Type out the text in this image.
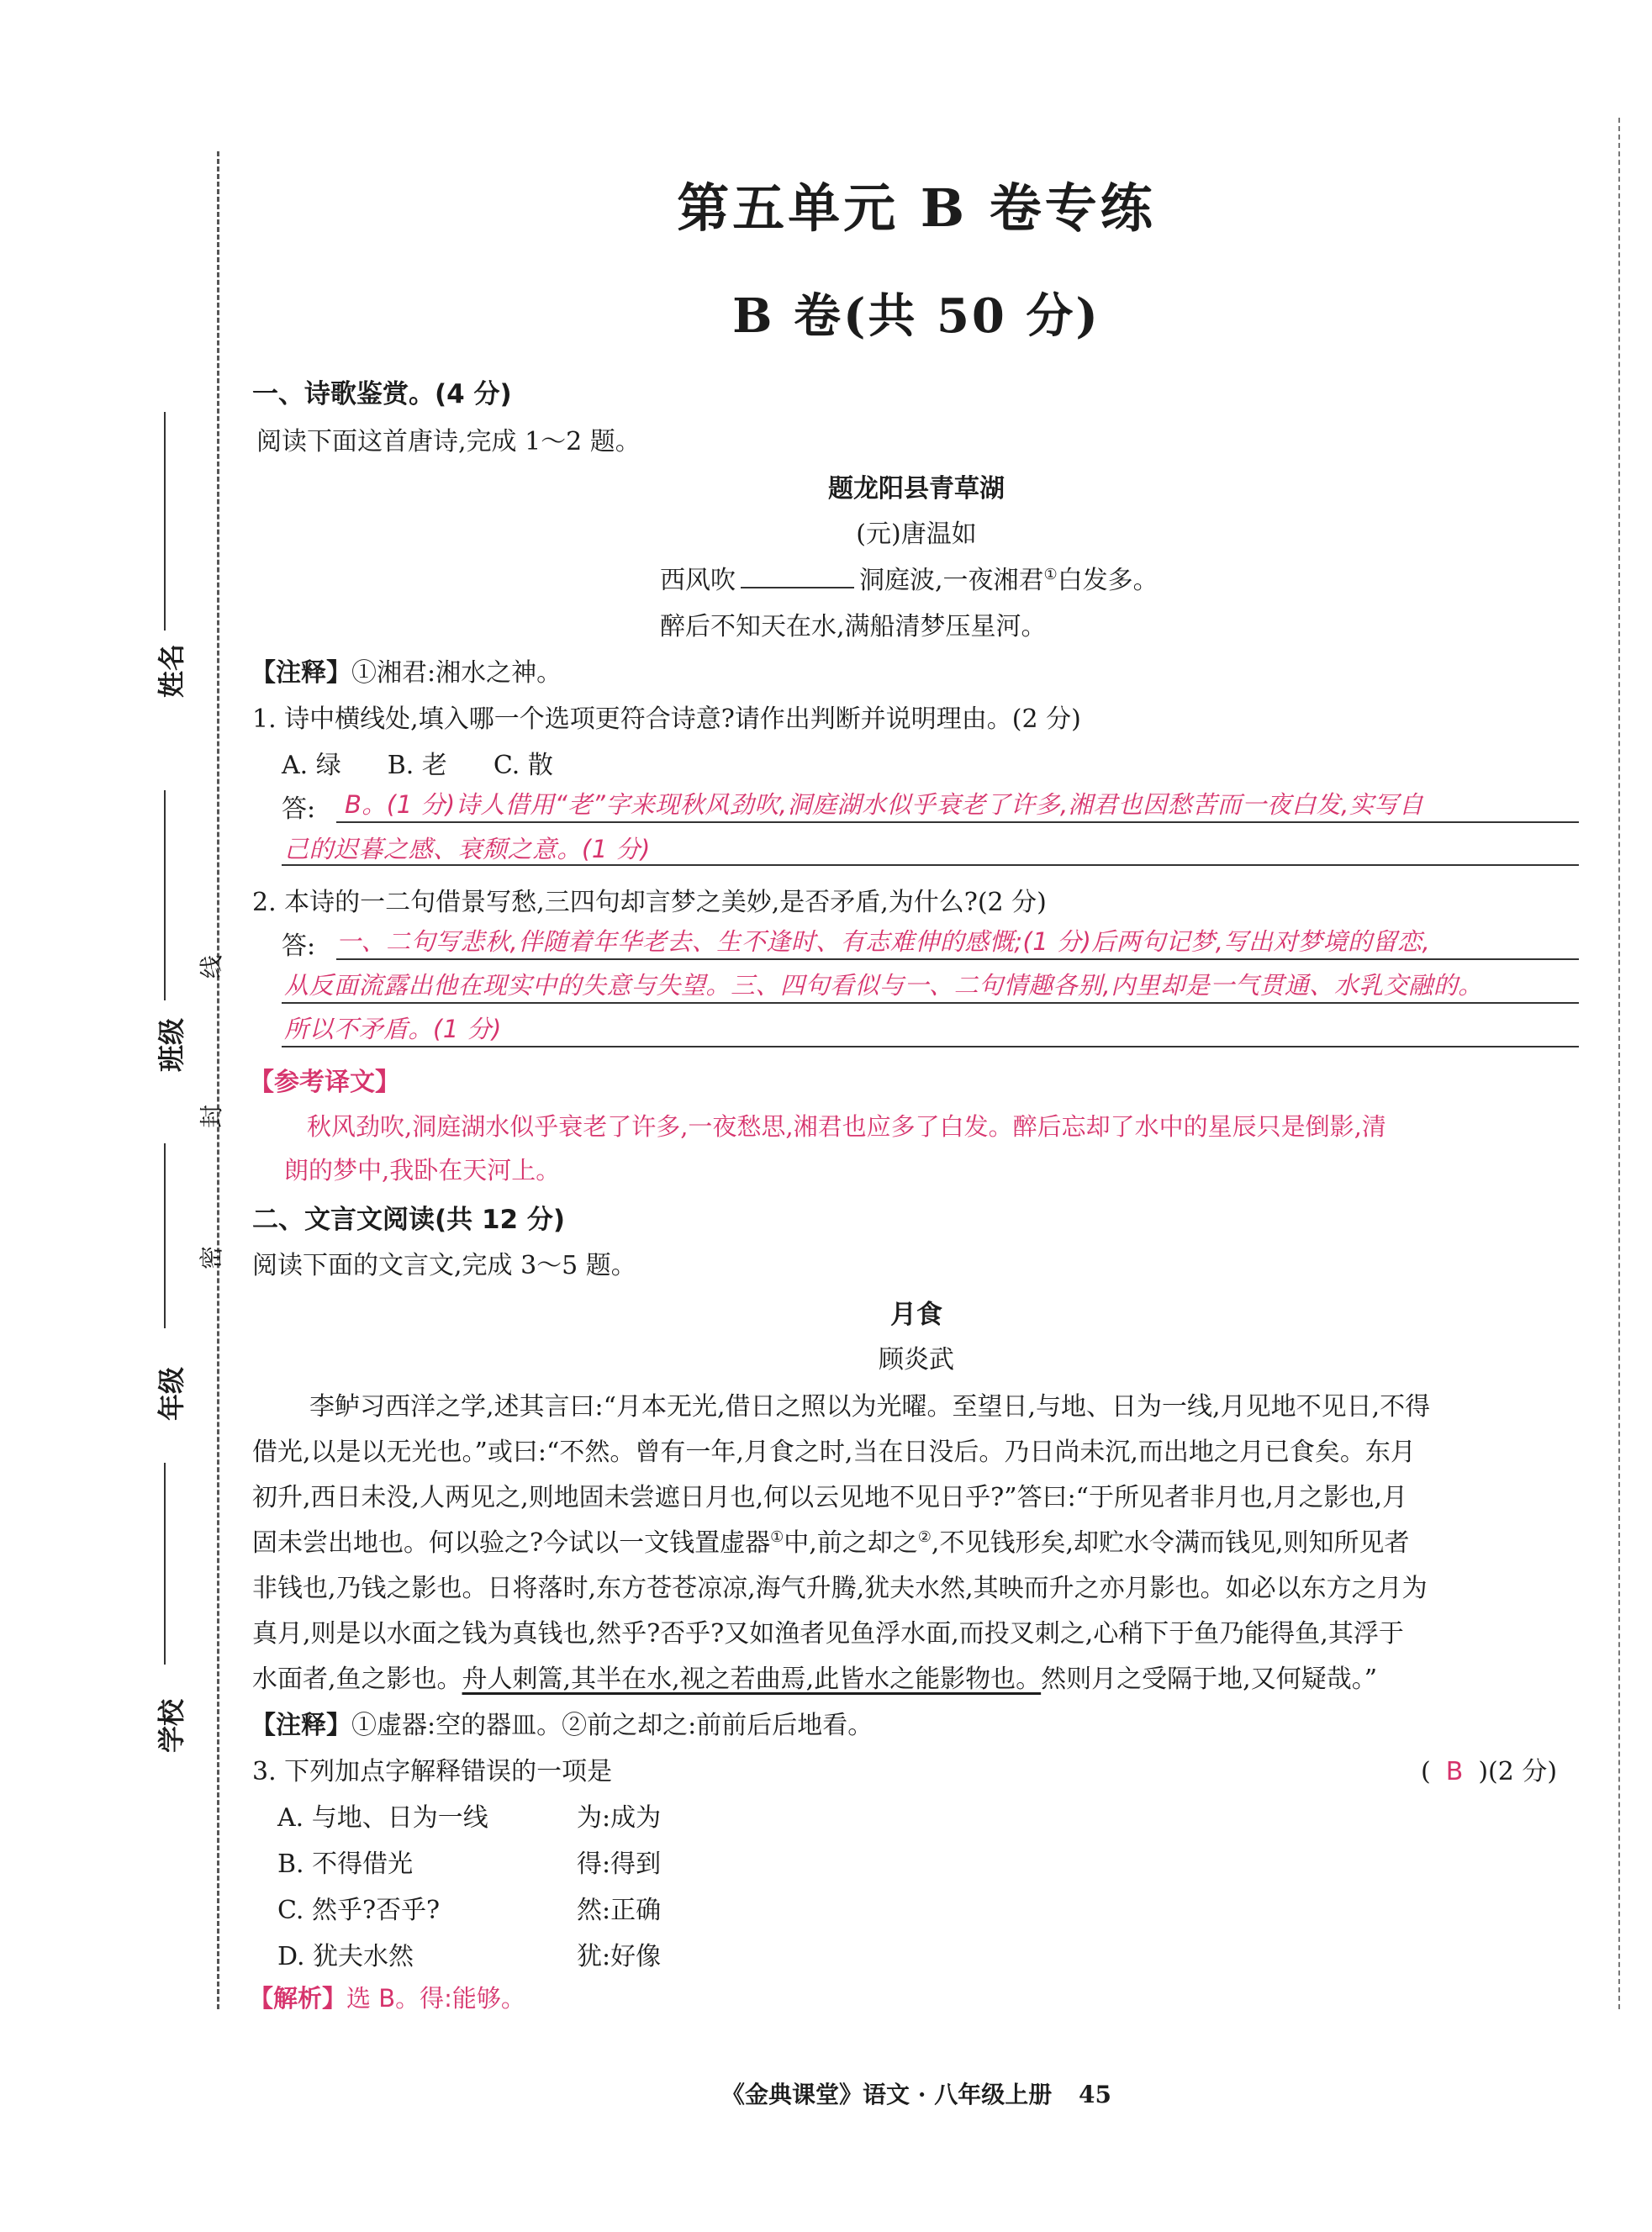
姓名
班级
年级
学校
线
封
密
第五单元 B 卷专练
B 卷(共 50 分)
一、诗歌鉴赏。(4 分)
阅读下面这首唐诗,完成 1～2 题。
题龙阳县青草湖
(元)唐温如
西风吹	洞庭波,一夜湘君①白发多。
醉后不知天在水,满船清梦压星河。
【注释】①湘君:湘水之神。
1. 诗中横线处,填入哪一个选项更符合诗意?请作出判断并说明理由。(2 分)
A. 绿 B. 老 C. 散
答: B。(1 分)诗人借用“老”字来现秋风劲吹,洞庭湖水似乎衰老了许多,湘君也因愁苦而一夜白发,实写自
己的迟暮之感、衰颓之意。(1 分)
2. 本诗的一二句借景写愁,三四句却言梦之美妙,是否矛盾,为什么?(2 分)
答: 一、二句写悲秋,伴随着年华老去、生不逢时、有志难伸的感慨;(1 分)后两句记梦,写出对梦境的留恋,
从反面流露出他在现实中的失意与失望。三、四句看似与一、二句情趣各别,内里却是一气贯通、水乳交融的。
所以不矛盾。(1 分)
【参考译文】
秋风劲吹,洞庭湖水似乎衰老了许多,一夜愁思,湘君也应多了白发。醉后忘却了水中的星辰只是倒影,清
朗的梦中,我卧在天河上。
二、文言文阅读(共 12 分)
阅读下面的文言文,完成 3～5 题。
月食
顾炎武
李鲈习西洋之学,述其言曰:“月本无光,借日之照以为光曜。至望日,与地、日为一线,月见地不见日,不得
借光,以是以无光也。”或曰:“不然。曾有一年,月食之时,当在日没后。乃日尚未沉,而出地之月已食矣。东月
初升,西日未没,人两见之,则地固未尝遮日月也,何以云见地不见日乎?”答曰:“于所见者非月也,月之影也,月
固未尝出地也。何以验之?今试以一文钱置虚器①中,前之却之②,不见钱形矣,却贮水令满而钱见,则知所见者
非钱也,乃钱之影也。日将落时,东方苍苍凉凉,海气升腾,犹夫水然,其映而升之亦月影也。如必以东方之月为
真月,则是以水面之钱为真钱也,然乎?否乎?又如渔者见鱼浮水面,而投叉刺之,心稍下于鱼乃能得鱼,其浮于
水面者,鱼之影也。舟人刺篙,其半在水,视之若曲焉,此皆水之能影物也。然则月之受隔于地,又何疑哉。”
【注释】①虚器:空的器皿。②前之却之:前前后后地看。
3. 下列加点字解释错误的一项是	( B )(2 分)
A. 与地、日为一线	为:成为
B. 不得借光	得:得到
C. 然乎?否乎?	然:正确
D. 犹夫水然	犹:好像
【解析】选 B。得:能够。
《金典课堂》语文 · 八年级上册 45
